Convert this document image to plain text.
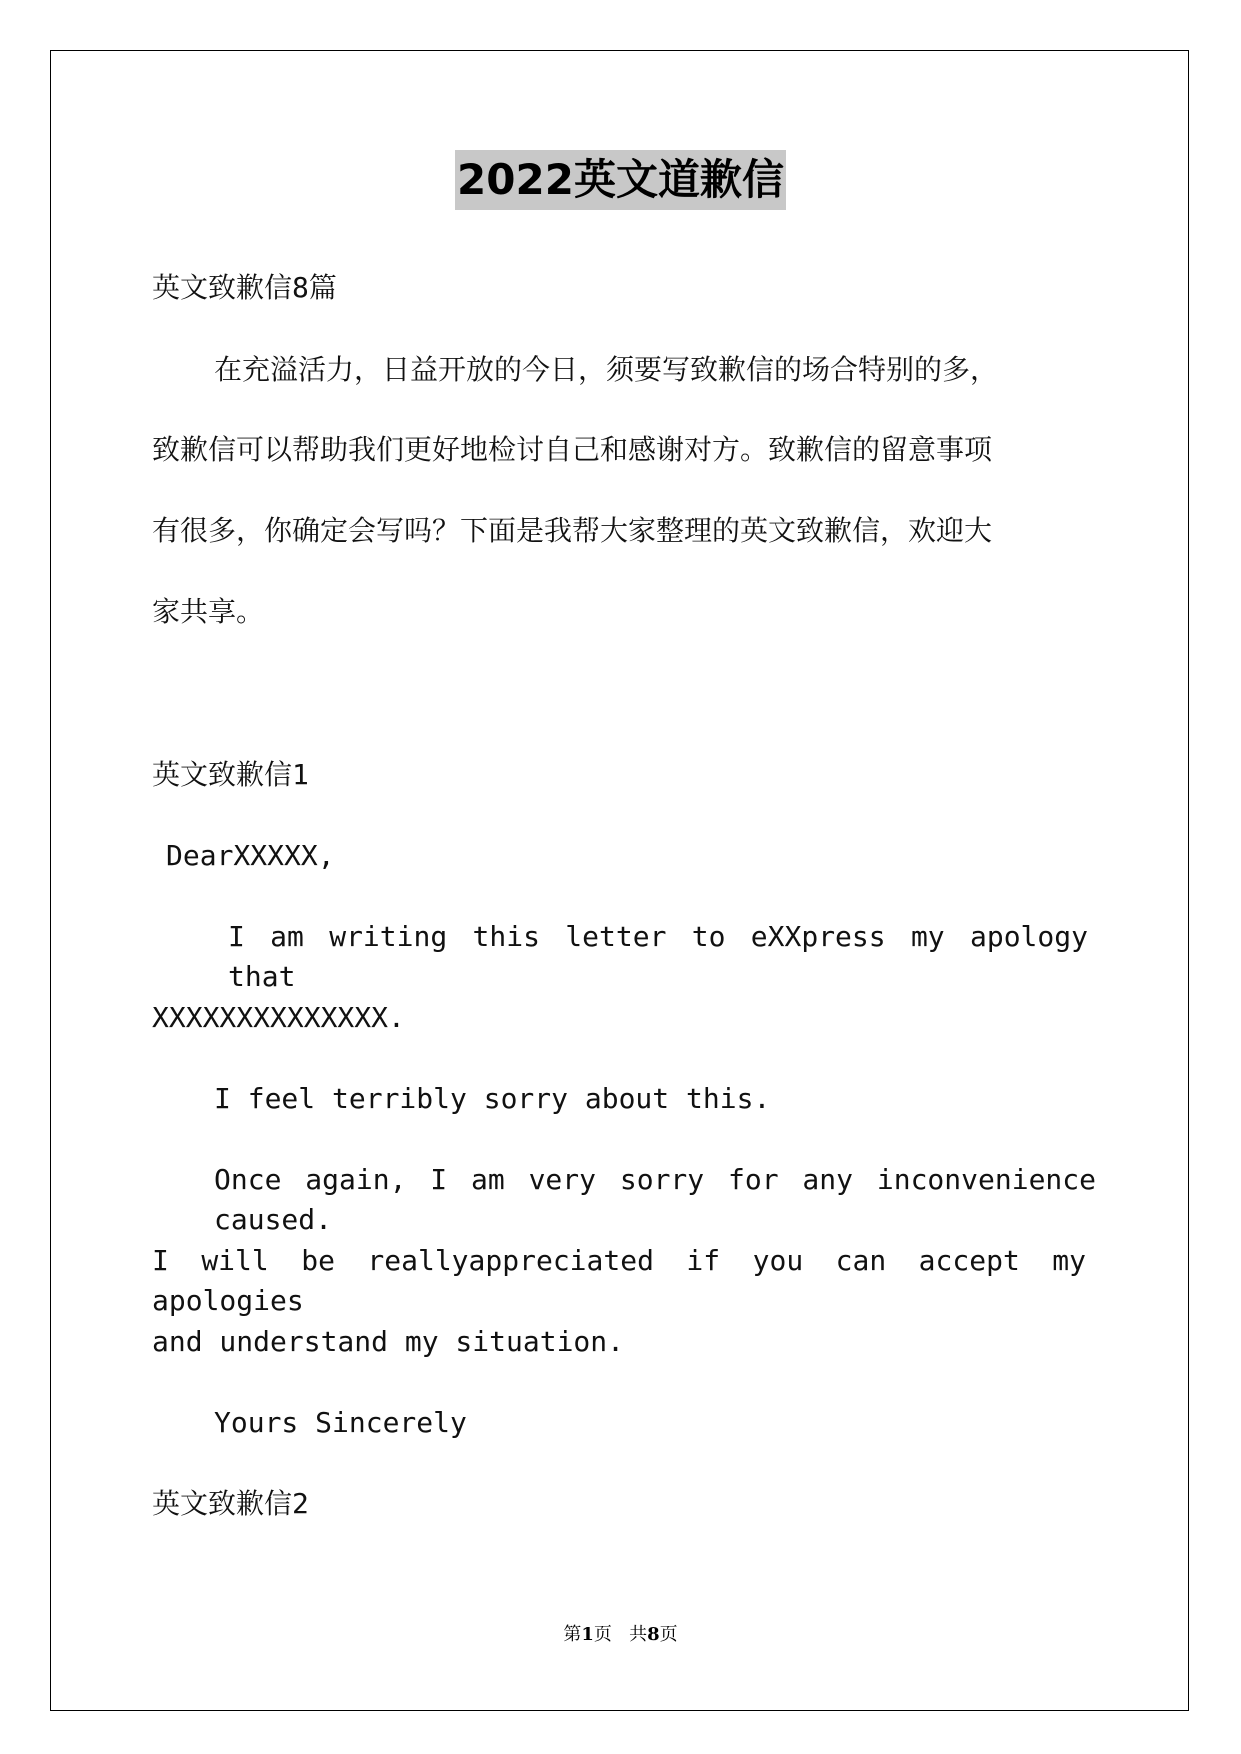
2022英文道歉信
英文致歉信8篇
在充溢活力，日益开放的今日，须要写致歉信的场合特别的多，
致歉信可以帮助我们更好地检讨自己和感谢对方。致歉信的留意事项
有很多，你确定会写吗？下面是我帮大家整理的英文致歉信，欢迎大
家共享。
英文致歉信1
DearXXXXX,
I am writing this letter to eXXpress my apology that
XXXXXXXXXXXXXX.
I feel terribly sorry about this.
Once again, I am very sorry for any inconvenience caused.
I will be reallyappreciated if you can accept my apologies
and understand my situation.
Yours Sincerely
英文致歉信2
第1页   共8页
